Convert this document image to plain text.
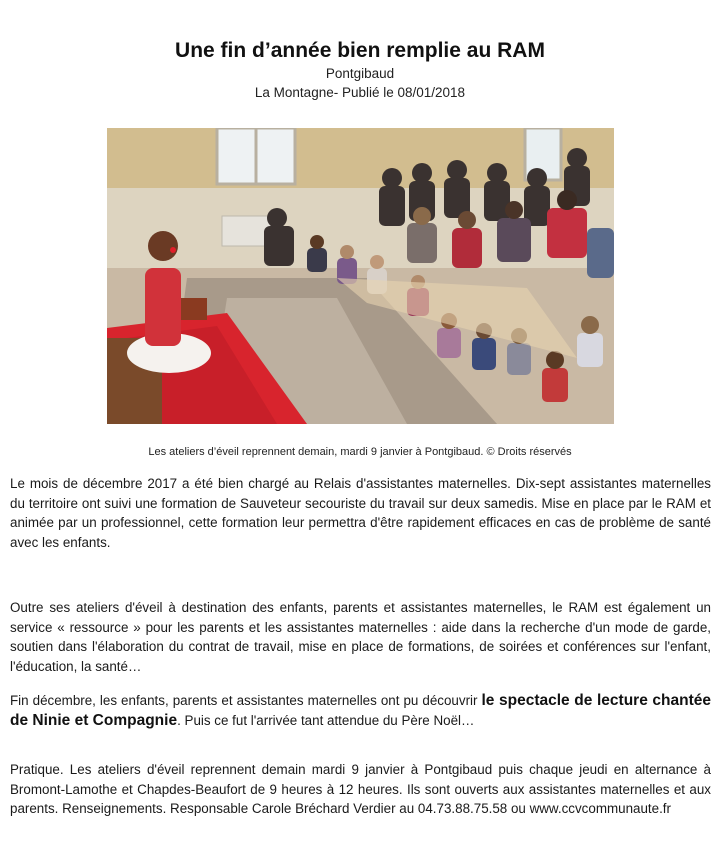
Une fin d’année bien remplie au RAM

Pontgibaud

La Montagne- Publié le 08/01/2018

Les ateliers d’éveil reprennent demain, mardi 9 janvier à Pontgibaud. © Droits réservés

Le mois de décembre 2017 a été bien chargé au Relais d'assistantes maternelles. Dix-sept assistantes maternelles du territoire ont suivi une formation de Sauveteur secouriste du travail sur deux samedis. Mise en place par le RAM et animée par un professionnel, cette formation leur permettra d'être rapidement efficaces en cas de problème de santé avec les enfants.

Outre ses ateliers d'éveil à destination des enfants, parents et assistantes maternelles, le RAM est également un service « ressource » pour les parents et les assistantes maternelles : aide dans la recherche d'un mode de garde, soutien dans l'élaboration du contrat de travail, mise en place de formations, de soirées et conférences sur l'enfant, l'éducation, la santé…

Fin décembre, les enfants, parents et assistantes maternelles ont pu découvrir le spectacle de lecture chantée de Ninie et Compagnie. Puis ce fut l'arrivée tant attendue du Père Noël…

Pratique. Les ateliers d'éveil reprennent demain mardi 9 janvier à Pontgibaud puis chaque jeudi en alternance à Bromont-Lamothe et Chapdes-Beaufort de 9 heures à 12 heures. Ils sont ouverts aux assistantes maternelles et aux parents. Renseignements. Responsable Carole Bréchard Verdier au 04.73.88.75.58 ou www.ccvcommunaute.fr
